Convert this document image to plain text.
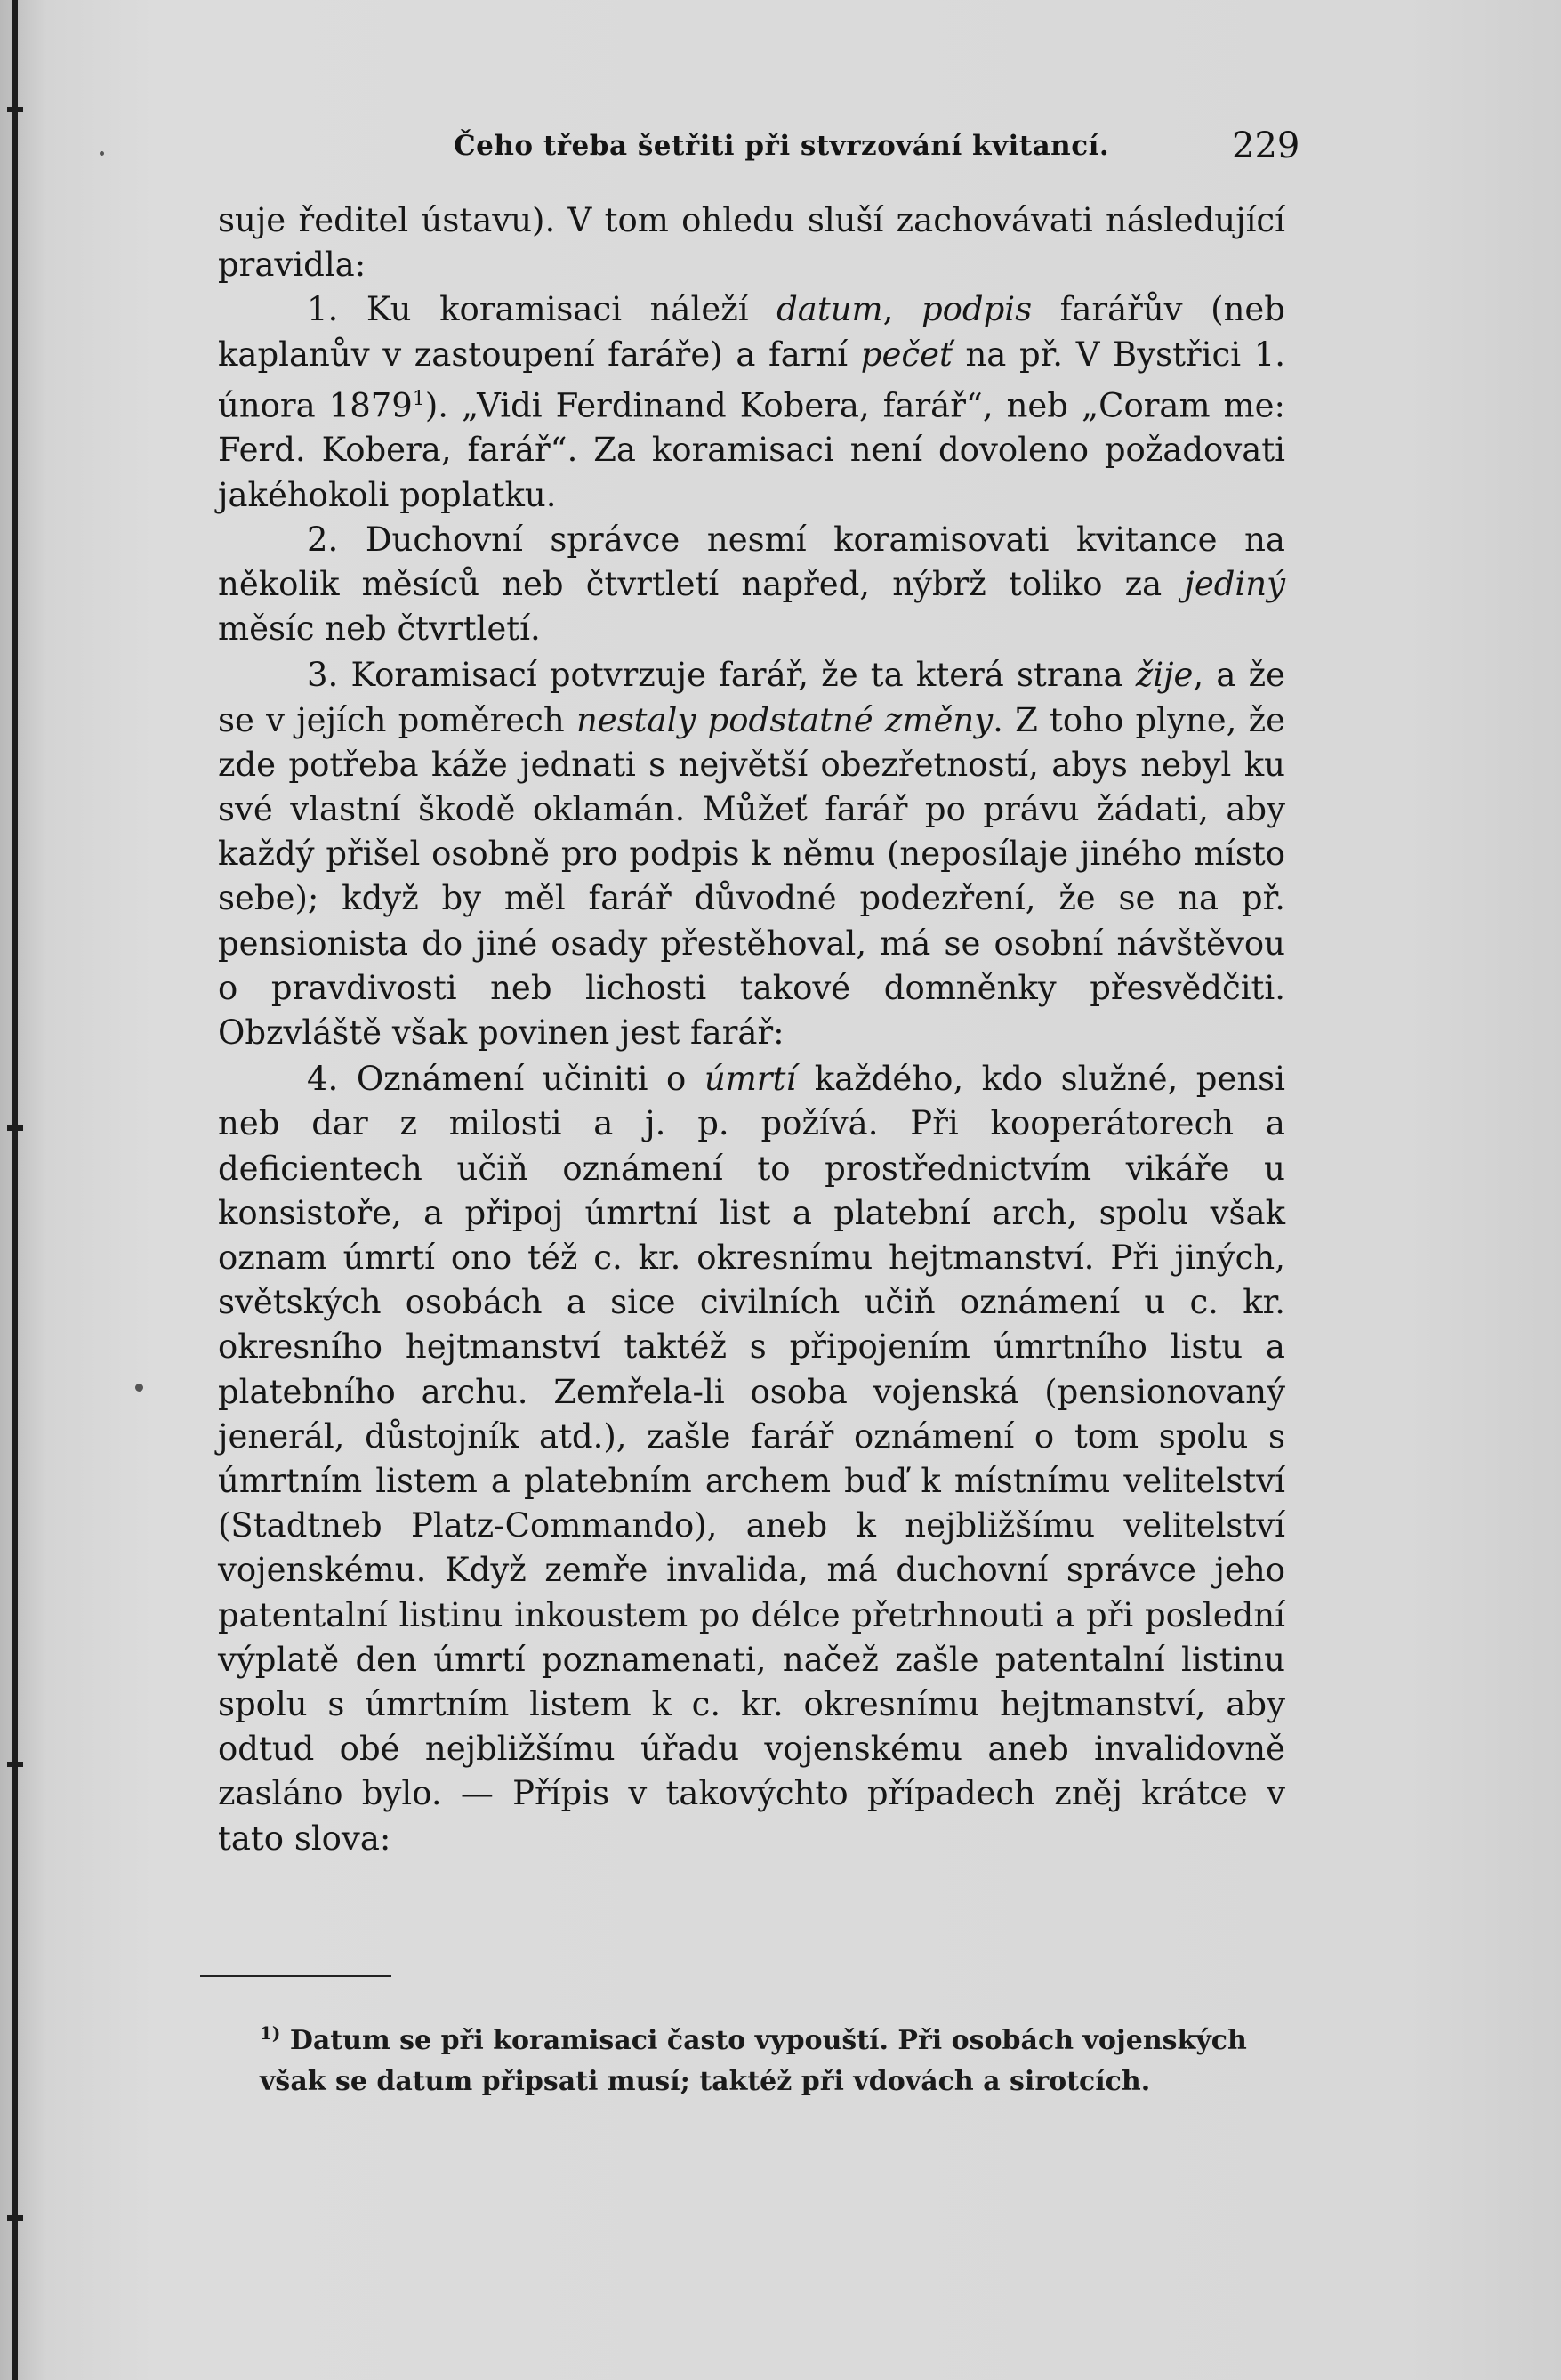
Čeho třeba šetřiti při stvrzování kvitancí.	229

suje ředitel ústavu). V tom ohledu sluší zachovávati následující pravidla:

1. Ku koramisaci náleží datum, podpis farářův (neb kaplanův v zastoupení faráře) a farní pečeť na př. V Bystřici 1. února 1879$^1$). „Vidi Ferdinand Kobera, farář“, neb „Coram me: Ferd. Kobera, farář“. Za koramisaci není dovoleno požadovati jakéhokoli poplatku.

2. Duchovní správce nesmí koramisovati kvitance na několik měsíců neb čtvrtletí napřed, nýbrž toliko za jediný měsíc neb čtvrtletí.

3. Koramisací potvrzuje farář, že ta která strana žije, a že se v jejích poměrech nestaly podstatné změny. Z toho plyne, že zde potřeba káže jednati s největší obezřetností, abys nebyl ku své vlastní škodě oklamán. Můžeť farář po právu žádati, aby každý přišel osobně pro podpis k němu (neposílaje jiného místo sebe); když by měl farář důvodné podezření, že se na př. pensionista do jiné osady přestěhoval, má se osobní návštěvou o pravdivosti neb lichosti takové domněnky přesvědčiti. Obzvláště však povinen jest farář:

4. Oznámení učiniti o úmrtí každého, kdo služné, pensi neb dar z milosti a j. p. požívá. Při kooperátorech a deficientech učiň oznámení to prostřednictvím vikáře u konsistoře, a připoj úmrtní list a platební arch, spolu však oznam úmrtí ono též c. kr. okresnímu hejtmanství. Při jiných, světských osobách a sice civilních učiň oznámení u c. kr. okresního hejtmanství taktéž s připojením úmrtního listu a platebního archu. Zemřela-li osoba vojenská (pensionovaný jenerál, důstojník atd.), zašle farář oznámení o tom spolu s úmrtním listem a platebním archem buď k místnímu velitelství (Stadtneb Platz-Commando), aneb k nejbližšímu velitelství vojenskému. Když zemře invalida, má duchovní správce jeho patentalní listinu inkoustem po délce přetrhnouti a při poslední výplatě den úmrtí poznamenati, načež zašle patentalní listinu spolu s úmrtním listem k c. kr. okresnímu hejtmanství, aby odtud obé nejbližšímu úřadu vojenskému aneb invalidovně zasláno bylo. — Přípis v takovýchto případech zněj krátce v tato slova:

$^{1)}$ Datum se při koramisaci často vypouští. Při osobách vojenských
však se datum připsati musí; taktéž při vdovách a sirotcích.
